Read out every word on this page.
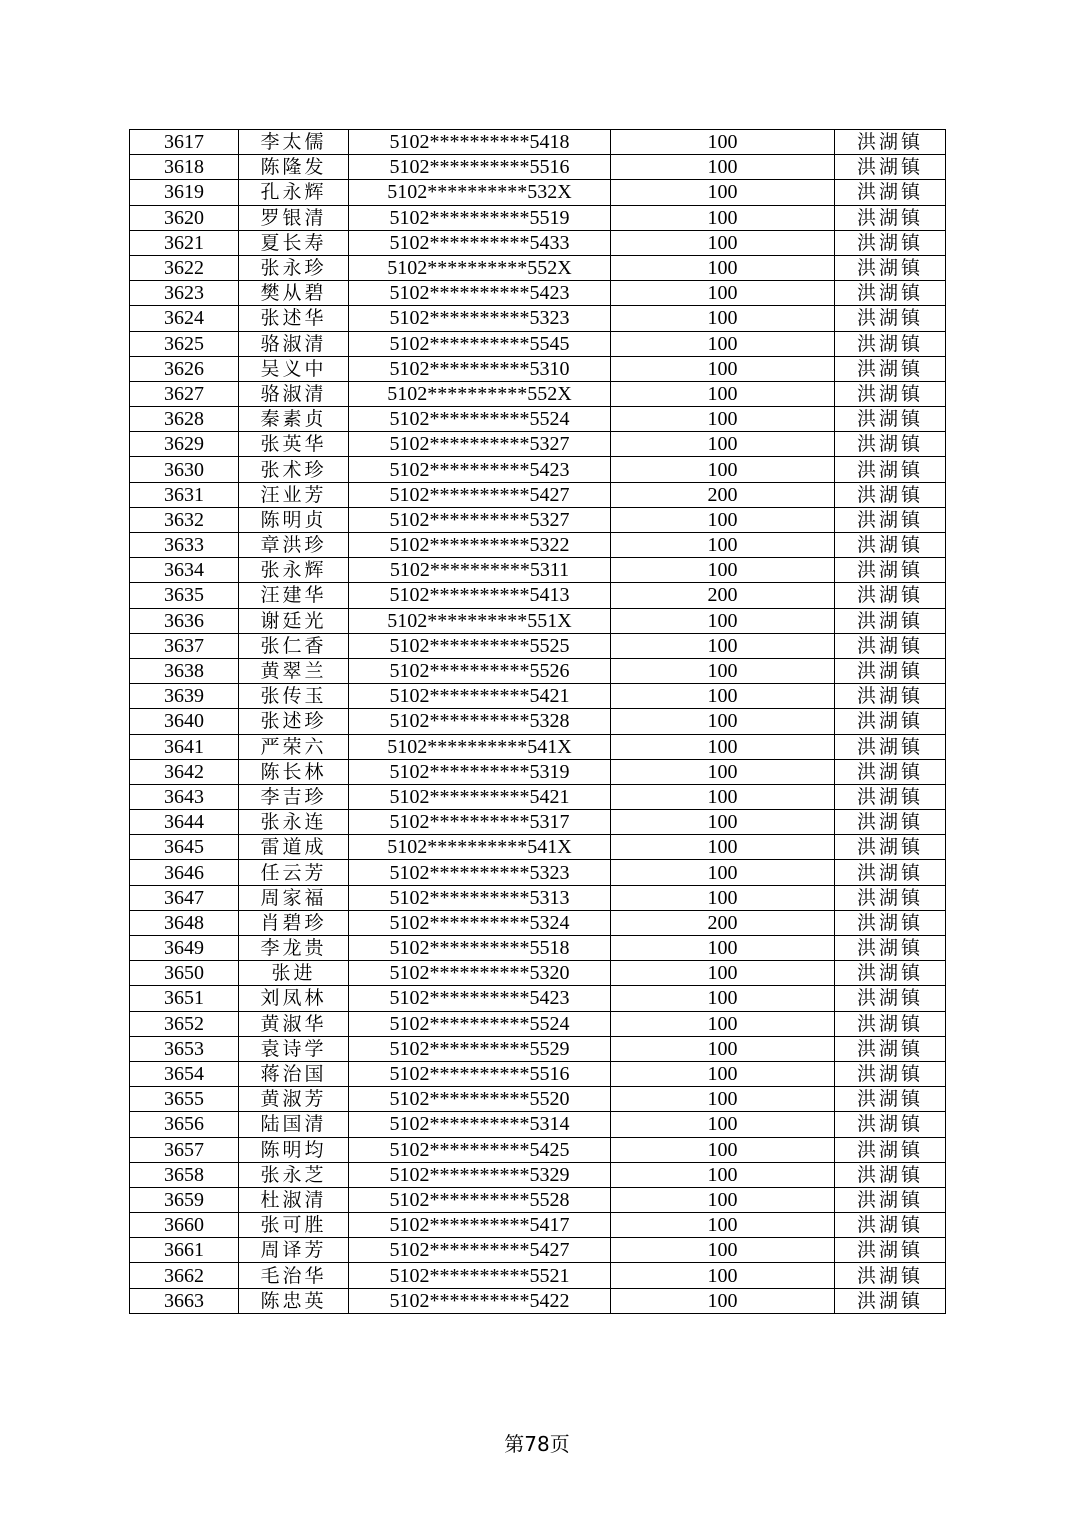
3617	李太儒	5102**********5418	100	洪湖镇
3618	陈隆发	5102**********5516	100	洪湖镇
3619	孔永辉	5102**********532X	100	洪湖镇
3620	罗银清	5102**********5519	100	洪湖镇
3621	夏长寿	5102**********5433	100	洪湖镇
3622	张永珍	5102**********552X	100	洪湖镇
3623	樊从碧	5102**********5423	100	洪湖镇
3624	张述华	5102**********5323	100	洪湖镇
3625	骆淑清	5102**********5545	100	洪湖镇
3626	吴义中	5102**********5310	100	洪湖镇
3627	骆淑清	5102**********552X	100	洪湖镇
3628	秦素贞	5102**********5524	100	洪湖镇
3629	张英华	5102**********5327	100	洪湖镇
3630	张术珍	5102**********5423	100	洪湖镇
3631	汪业芳	5102**********5427	200	洪湖镇
3632	陈明贞	5102**********5327	100	洪湖镇
3633	章洪珍	5102**********5322	100	洪湖镇
3634	张永辉	5102**********5311	100	洪湖镇
3635	汪建华	5102**********5413	200	洪湖镇
3636	谢廷光	5102**********551X	100	洪湖镇
3637	张仁香	5102**********5525	100	洪湖镇
3638	黄翠兰	5102**********5526	100	洪湖镇
3639	张传玉	5102**********5421	100	洪湖镇
3640	张述珍	5102**********5328	100	洪湖镇
3641	严荣六	5102**********541X	100	洪湖镇
3642	陈长林	5102**********5319	100	洪湖镇
3643	李吉珍	5102**********5421	100	洪湖镇
3644	张永连	5102**********5317	100	洪湖镇
3645	雷道成	5102**********541X	100	洪湖镇
3646	任云芳	5102**********5323	100	洪湖镇
3647	周家福	5102**********5313	100	洪湖镇
3648	肖碧珍	5102**********5324	200	洪湖镇
3649	李龙贵	5102**********5518	100	洪湖镇
3650	张进	5102**********5320	100	洪湖镇
3651	刘凤林	5102**********5423	100	洪湖镇
3652	黄淑华	5102**********5524	100	洪湖镇
3653	袁诗学	5102**********5529	100	洪湖镇
3654	蒋治国	5102**********5516	100	洪湖镇
3655	黄淑芳	5102**********5520	100	洪湖镇
3656	陆国清	5102**********5314	100	洪湖镇
3657	陈明均	5102**********5425	100	洪湖镇
3658	张永芝	5102**********5329	100	洪湖镇
3659	杜淑清	5102**********5528	100	洪湖镇
3660	张可胜	5102**********5417	100	洪湖镇
3661	周译芳	5102**********5427	100	洪湖镇
3662	毛治华	5102**********5521	100	洪湖镇
3663	陈忠英	5102**********5422	100	洪湖镇
第78页
